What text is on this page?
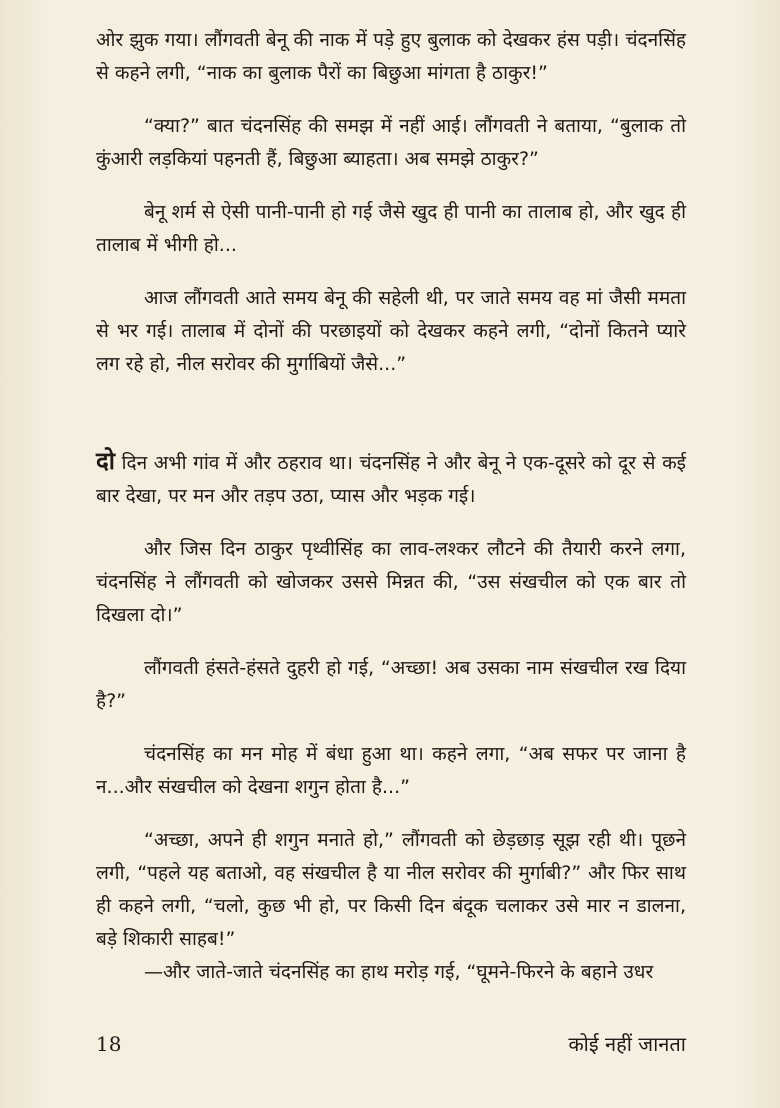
ओर झुक गया। लौंगवती बेनू की नाक में पड़े हुए बुलाक को देखकर हंस पड़ी। चंदनसिंह से कहने लगी, “नाक का बुलाक पैरों का बिछुआ मांगता है ठाकुर!”

“क्या?” बात चंदनसिंह की समझ में नहीं आई। लौंगवती ने बताया, “बुलाक तो कुंआरी लड़कियां पहनती हैं, बिछुआ ब्याहता। अब समझे ठाकुर?”

बेनू शर्म से ऐसी पानी-पानी हो गई जैसे खुद ही पानी का तालाब हो, और खुद ही तालाब में भीगी हो...

आज लौंगवती आते समय बेनू की सहेली थी, पर जाते समय वह मां जैसी ममता से भर गई। तालाब में दोनों की परछाइयों को देखकर कहने लगी, “दोनों कितने प्यारे लग रहे हो, नील सरोवर की मुर्गाबियों जैसे...”

दो दिन अभी गांव में और ठहराव था। चंदनसिंह ने और बेनू ने एक-दूसरे को दूर से कई बार देखा, पर मन और तड़प उठा, प्यास और भड़क गई।

और जिस दिन ठाकुर पृथ्वीसिंह का लाव-लश्कर लौटने की तैयारी करने लगा, चंदनसिंह ने लौंगवती को खोजकर उससे मिन्नत की, “उस संखचील को एक बार तो दिखला दो।”

लौंगवती हंसते-हंसते दुहरी हो गई, “अच्छा! अब उसका नाम संखचील रख दिया है?”

चंदनसिंह का मन मोह में बंधा हुआ था। कहने लगा, “अब सफर पर जाना है न...और संखचील को देखना शगुन होता है...”

“अच्छा, अपने ही शगुन मनाते हो,” लौंगवती को छेड़छाड़ सूझ रही थी। पूछने लगी, “पहले यह बताओ, वह संखचील है या नील सरोवर की मुर्गाबी?” और फिर साथ ही कहने लगी, “चलो, कुछ भी हो, पर किसी दिन बंदूक चलाकर उसे मार न डालना, बड़े शिकारी साहब!”

—और जाते-जाते चंदनसिंह का हाथ मरोड़ गई, “घूमने-फिरने के बहाने उधर

18	कोई नहीं जानता
